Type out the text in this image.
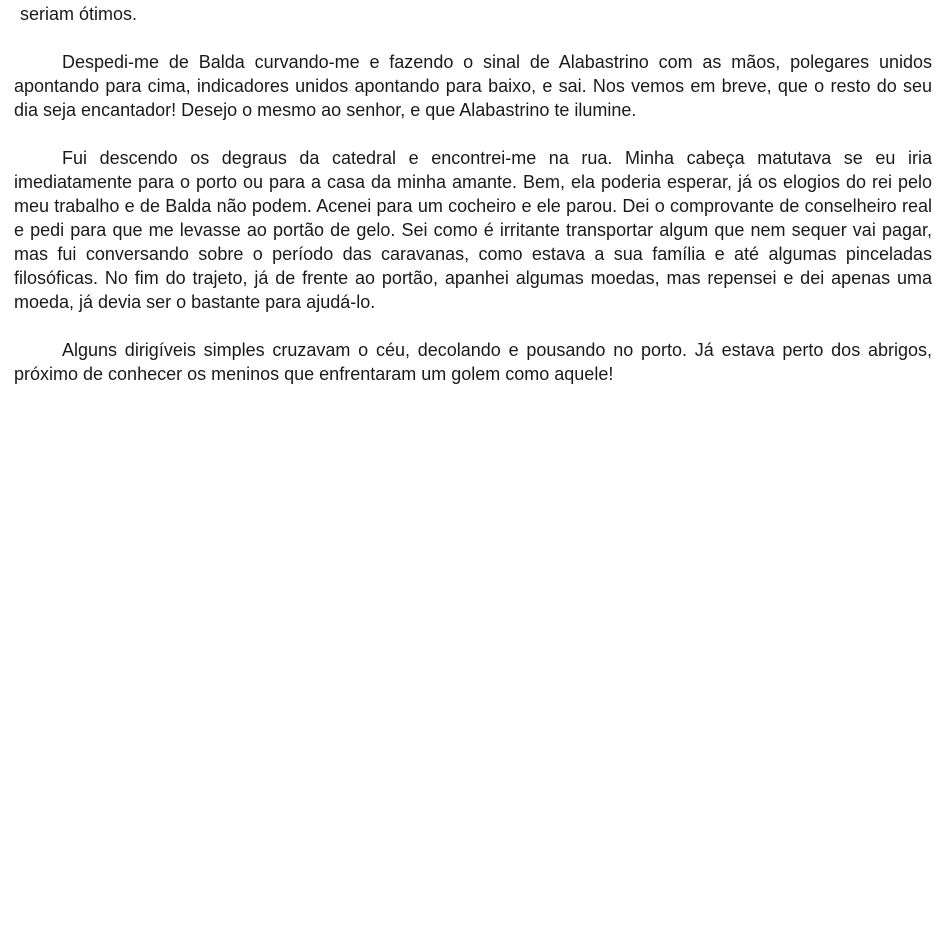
seriam ótimos.

Despedi-me de Balda curvando-me e fazendo o sinal de Alabastrino com as mãos, polegares unidos apontando para cima, indicadores unidos apontando para baixo, e sai. Nos vemos em breve, que o resto do seu dia seja encantador! Desejo o mesmo ao senhor, e que Alabastrino te ilumine.

Fui descendo os degraus da catedral e encontrei-me na rua. Minha cabeça matutava se eu iria imediatamente para o porto ou para a casa da minha amante. Bem, ela poderia esperar, já os elogios do rei pelo meu trabalho e de Balda não podem. Acenei para um cocheiro e ele parou. Dei o comprovante de conselheiro real e pedi para que me levasse ao portão de gelo. Sei como é irritante transportar algum que nem sequer vai pagar, mas fui conversando sobre o período das caravanas, como estava a sua família e até algumas pinceladas filosóficas. No fim do trajeto, já de frente ao portão, apanhei algumas moedas, mas repensei e dei apenas uma moeda, já devia ser o bastante para ajudá-lo.

Alguns dirigíveis simples cruzavam o céu, decolando e pousando no porto. Já estava perto dos abrigos, próximo de conhecer os meninos que enfrentaram um golem como aquele!
